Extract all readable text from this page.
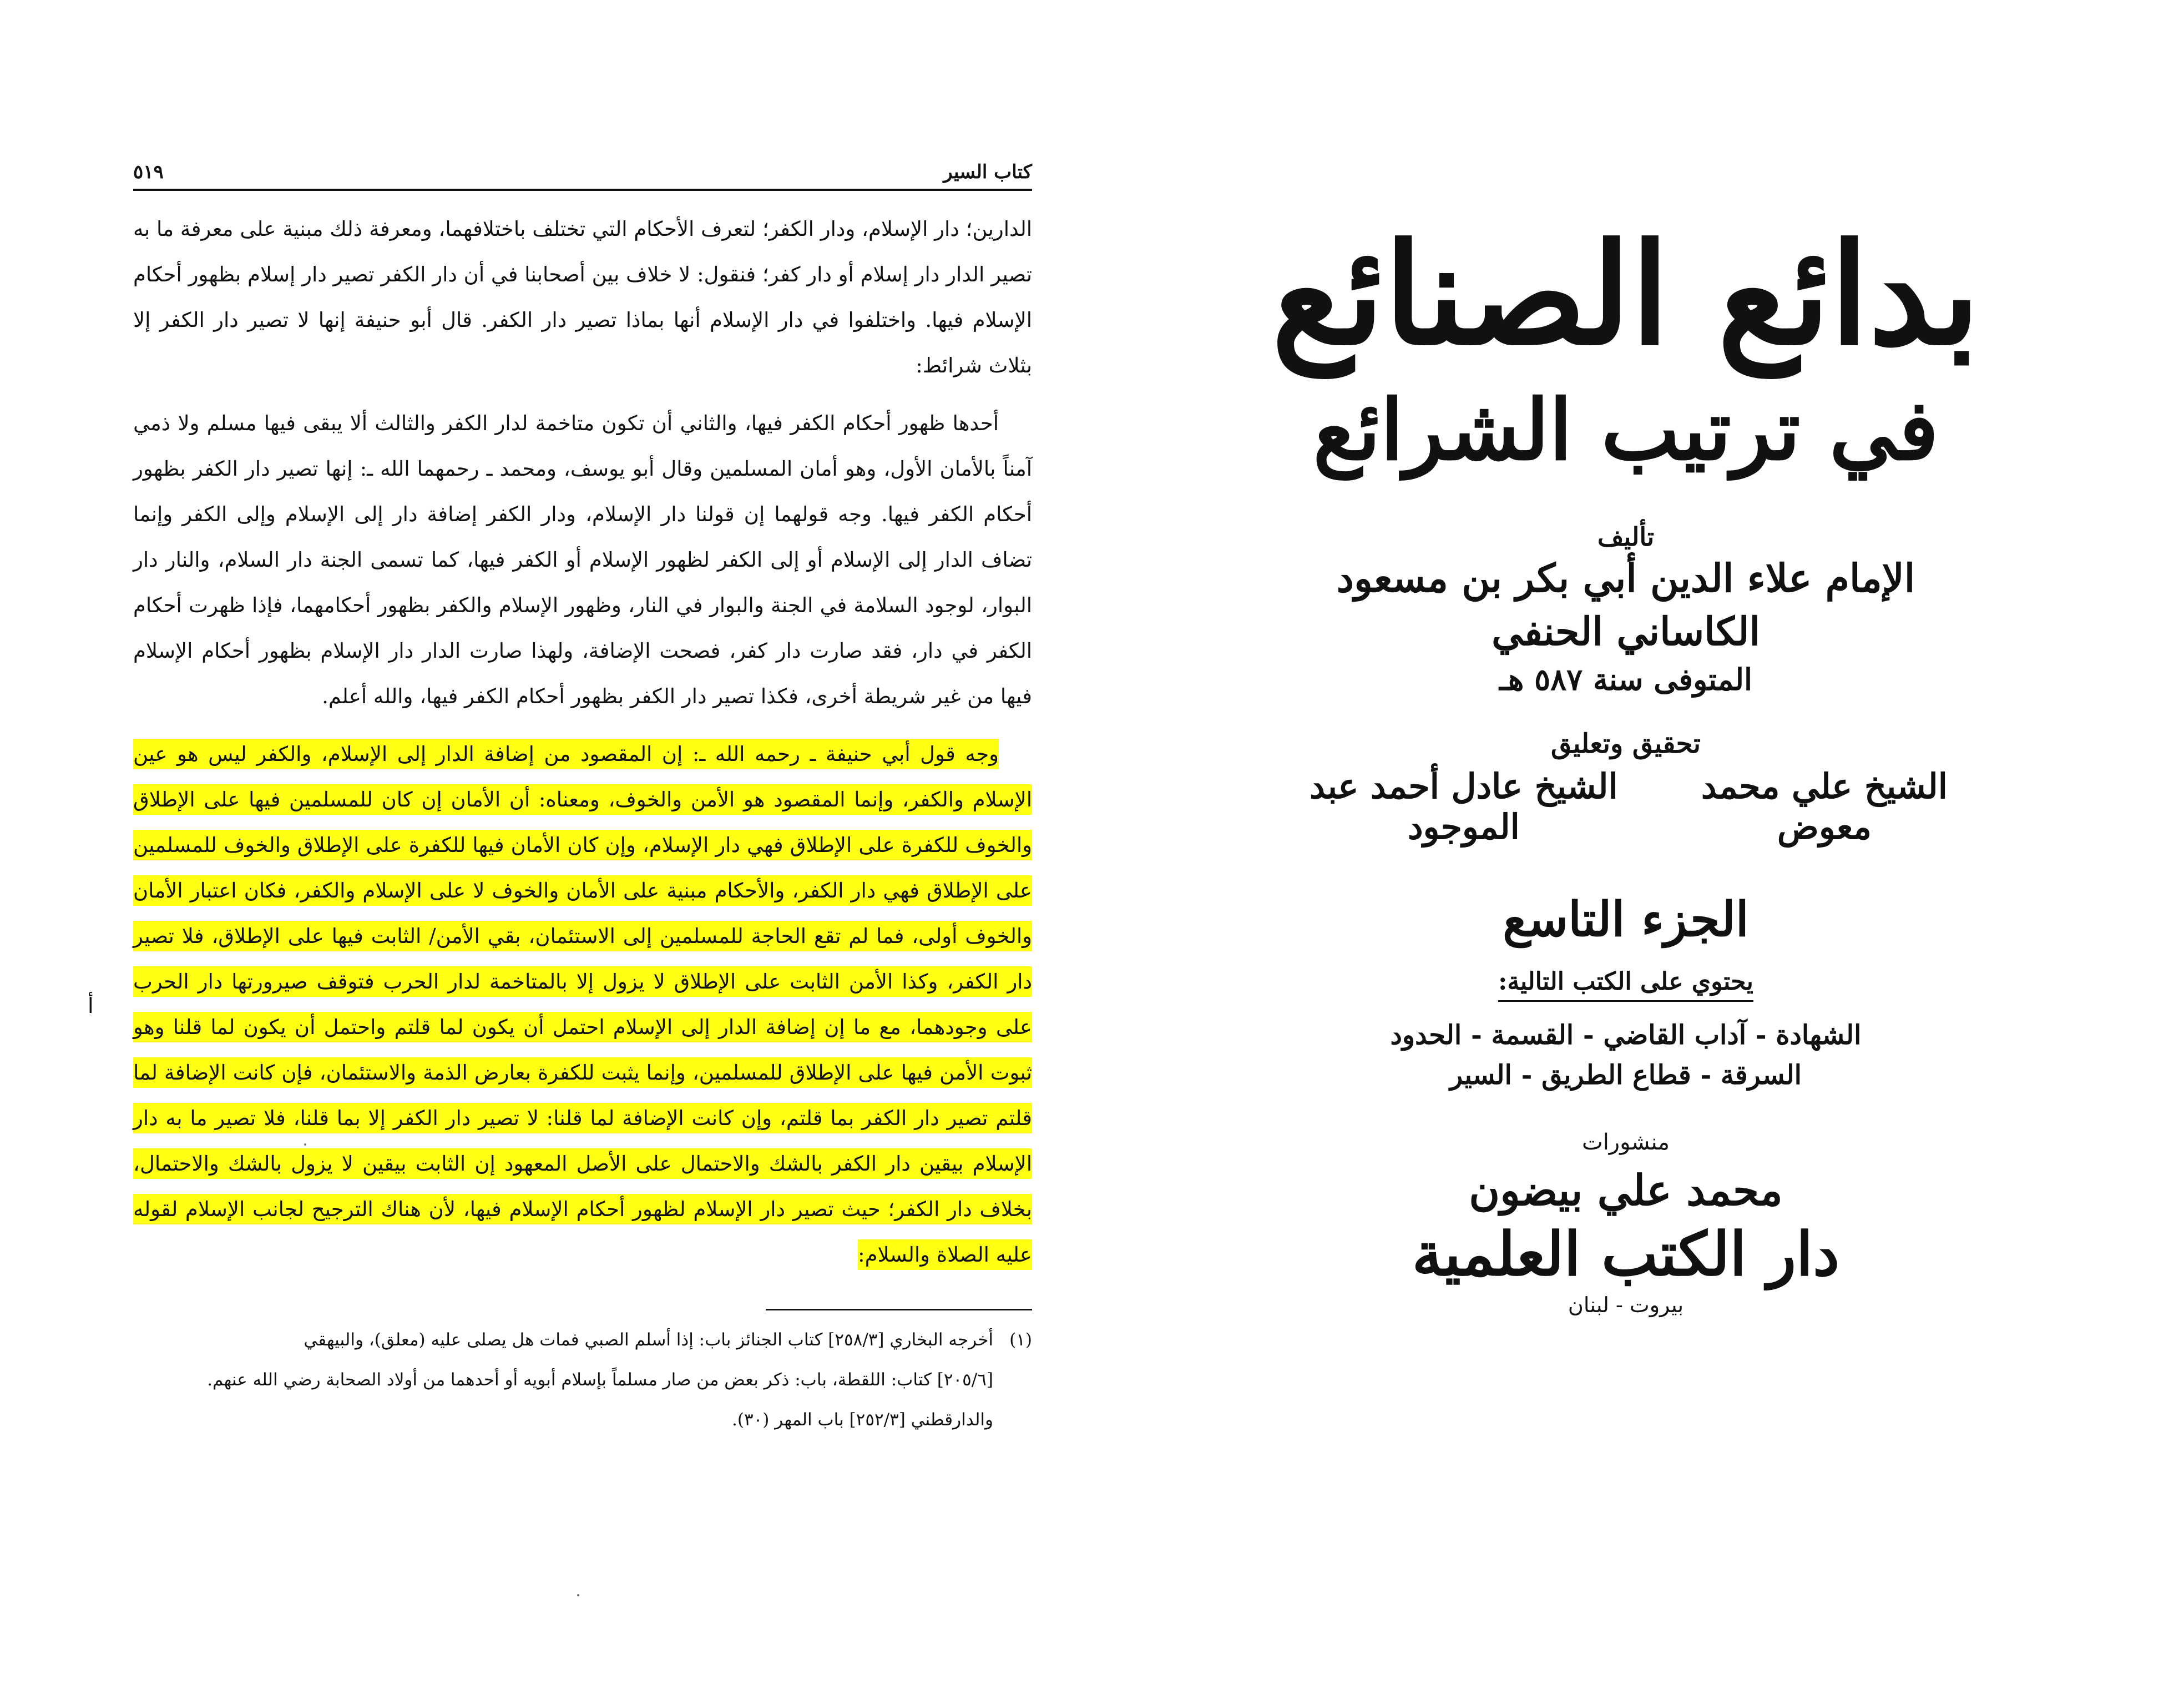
كتاب السير
٥١٩

الدارين؛ دار الإسلام، ودار الكفر؛ لتعرف الأحكام التي تختلف باختلافهما، ومعرفة ذلك مبنية على معرفة ما به تصير الدار دار إسلام أو دار كفر؛ فنقول: لا خلاف بين أصحابنا في أن دار الكفر تصير دار إسلام بظهور أحكام الإسلام فيها. واختلفوا في دار الإسلام أنها بماذا تصير دار الكفر. قال أبو حنيفة إنها لا تصير دار الكفر إلا بثلاث شرائط:

أحدها ظهور أحكام الكفر فيها، والثاني أن تكون متاخمة لدار الكفر والثالث ألا يبقى فيها مسلم ولا ذمي آمناً بالأمان الأول، وهو أمان المسلمين وقال أبو يوسف، ومحمد ـ رحمهما الله ـ: إنها تصير دار الكفر بظهور أحكام الكفر فيها. وجه قولهما إن قولنا دار الإسلام، ودار الكفر إضافة دار إلى الإسلام وإلى الكفر وإنما تضاف الدار إلى الإسلام أو إلى الكفر لظهور الإسلام أو الكفر فيها، كما تسمى الجنة دار السلام، والنار دار البوار، لوجود السلامة في الجنة والبوار في النار، وظهور الإسلام والكفر بظهور أحكامهما، فإذا ظهرت أحكام الكفر في دار، فقد صارت دار كفر، فصحت الإضافة، ولهذا صارت الدار دار الإسلام بظهور أحكام الإسلام فيها من غير شريطة أخرى، فكذا تصير دار الكفر بظهور أحكام الكفر فيها، والله أعلم.

وجه قول أبي حنيفة ـ رحمه الله ـ: إن المقصود من إضافة الدار إلى الإسلام، والكفر ليس هو عين الإسلام والكفر، وإنما المقصود هو الأمن والخوف، ومعناه: أن الأمان إن كان للمسلمين فيها على الإطلاق والخوف للكفرة على الإطلاق فهي دار الإسلام، وإن كان الأمان فيها للكفرة على الإطلاق والخوف للمسلمين على الإطلاق فهي دار الكفر، والأحكام مبنية على الأمان والخوف لا على الإسلام والكفر، فكان اعتبار الأمان والخوف أولى، فما لم تقع الحاجة للمسلمين إلى الاستئمان، بقي الأمن/ الثابت فيها على الإطلاق، فلا تصير دار الكفر، وكذا الأمن الثابت على الإطلاق لا يزول إلا بالمتاخمة لدار الحرب فتوقف صيرورتها دار الحرب على وجودهما، مع ما إن إضافة الدار إلى الإسلام احتمل أن يكون لما قلتم واحتمل أن يكون لما قلنا وهو ثبوت الأمن فيها على الإطلاق للمسلمين، وإنما يثبت للكفرة بعارض الذمة والاستئمان، فإن كانت الإضافة لما قلتم تصير دار الكفر بما قلتم، وإن كانت الإضافة لما قلنا: لا تصير دار الكفر إلا بما قلنا، فلا تصير ما به دار الإسلام بيقين دار الكفر بالشك والاحتمال على الأصل المعهود إن الثابت بيقين لا يزول بالشك والاحتمال، بخلاف دار الكفر؛ حيث تصير دار الإسلام لظهور أحكام الإسلام فيها، لأن هناك الترجيح لجانب الإسلام لقوله عليه الصلاة والسلام:

(١)أخرجه البخاري [٢٥٨/٣] كتاب الجنائز باب: إذا أسلم الصبي فمات هل يصلى عليه (معلق)، والبيهقي

[٢٠٥/٦] كتاب: اللقطة، باب: ذكر بعض من صار مسلماً بإسلام أبويه أو أحدهما من أولاد الصحابة رضي الله عنهم.

والدارقطني [٢٥٢/٣] باب المهر (٣٠).

أ

بدائع الصنائع

في ترتيب الشرائع

تأليف

الإمام علاء الدين أبي بكر بن مسعود

الكاساني الحنفي

المتوفى سنة ٥٨٧ هـ

تحقيق وتعليق

الشيخ علي محمد معوض
الشيخ عادل أحمد عبد الموجود

الجزء التاسع

يحتوي على الكتب التالية:

الشهادة - آداب القاضي - القسمة - الحدود

السرقة - قطاع الطريق - السير

منشورات

محمد علي بيضون

دار الكتب العلمية

بيروت - لبنان
